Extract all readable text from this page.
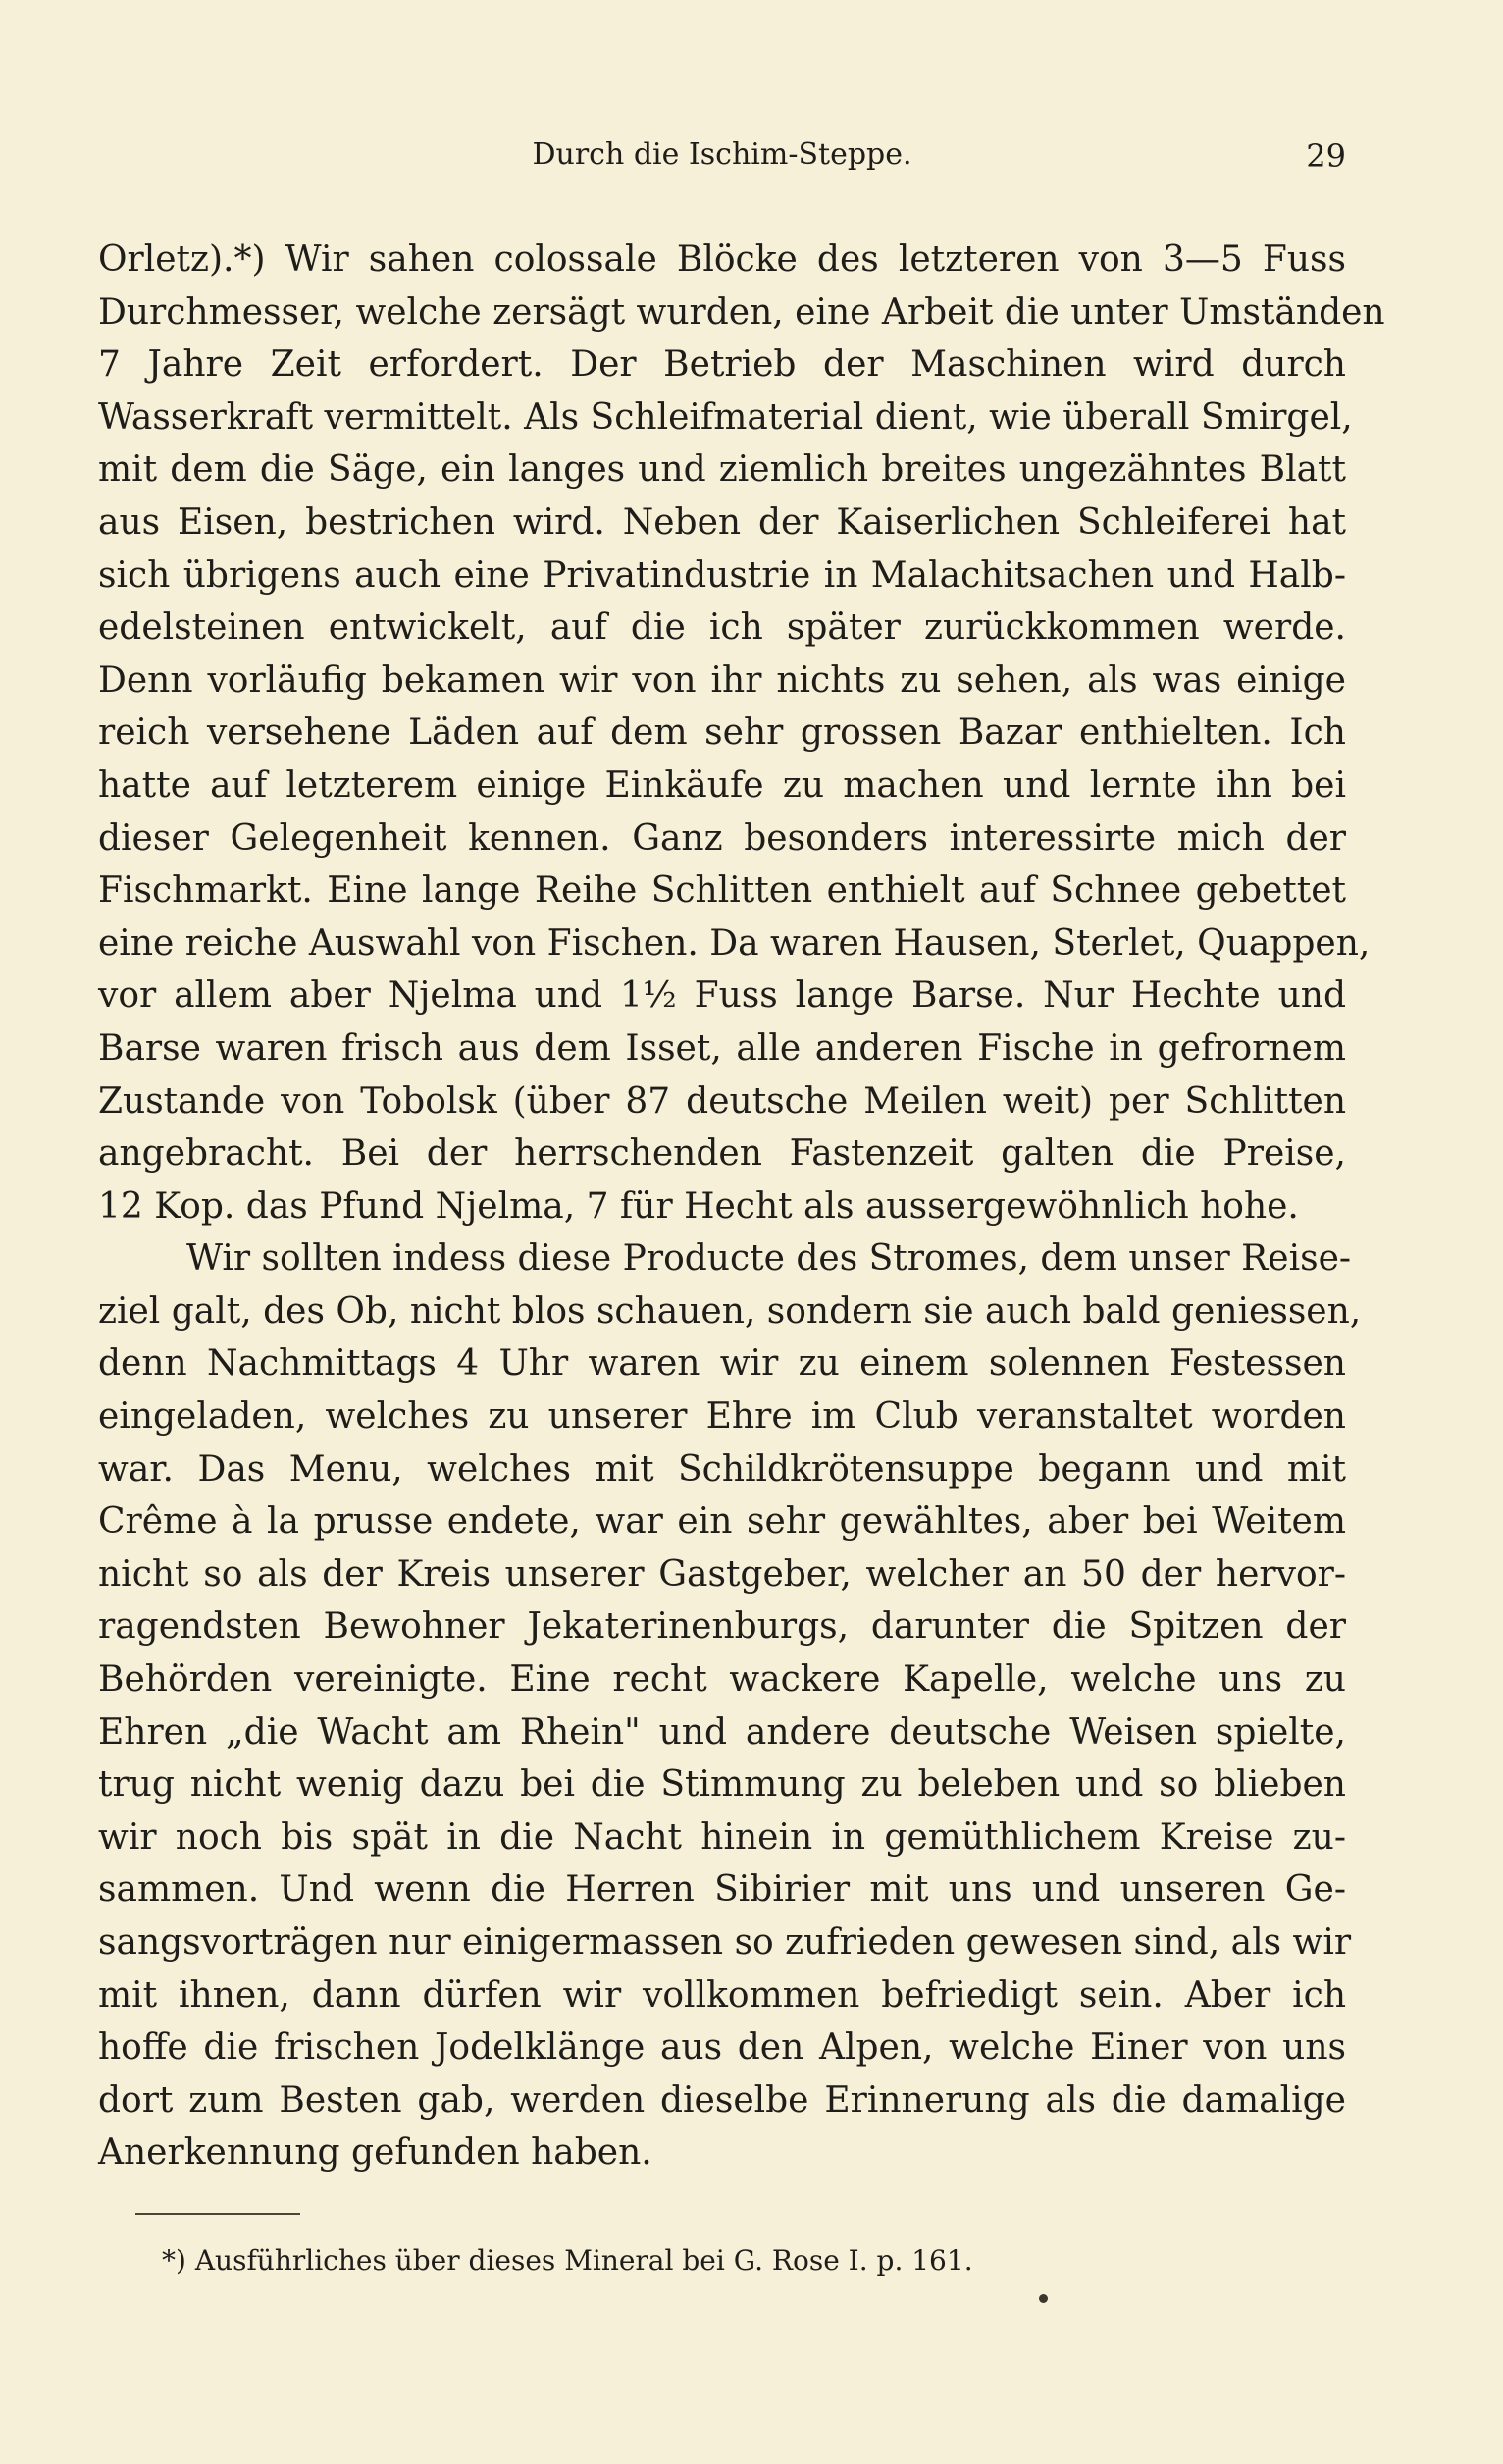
Durch die Ischim-Steppe.	29
Orletz).*) Wir sahen colossale Blöcke des letzteren von 3—5 Fuss
Durchmesser, welche zersägt wurden, eine Arbeit die unter Umständen
7 Jahre Zeit erfordert. Der Betrieb der Maschinen wird durch
Wasserkraft vermittelt. Als Schleifmaterial dient, wie überall Smirgel,
mit dem die Säge, ein langes und ziemlich breites ungezähntes Blatt
aus Eisen, bestrichen wird. Neben der Kaiserlichen Schleiferei hat
sich übrigens auch eine Privatindustrie in Malachitsachen und Halb-
edelsteinen entwickelt, auf die ich später zurückkommen werde.
Denn vorläufig bekamen wir von ihr nichts zu sehen, als was einige
reich versehene Läden auf dem sehr grossen Bazar enthielten. Ich
hatte auf letzterem einige Einkäufe zu machen und lernte ihn bei
dieser Gelegenheit kennen. Ganz besonders interessirte mich der
Fischmarkt. Eine lange Reihe Schlitten enthielt auf Schnee gebettet
eine reiche Auswahl von Fischen. Da waren Hausen, Sterlet, Quappen,
vor allem aber Njelma und 1½ Fuss lange Barse. Nur Hechte und
Barse waren frisch aus dem Isset, alle anderen Fische in gefrornem
Zustande von Tobolsk (über 87 deutsche Meilen weit) per Schlitten
angebracht. Bei der herrschenden Fastenzeit galten die Preise,
12 Kop. das Pfund Njelma, 7 für Hecht als aussergewöhnlich hohe.
Wir sollten indess diese Producte des Stromes, dem unser Reise-
ziel galt, des Ob, nicht blos schauen, sondern sie auch bald geniessen,
denn Nachmittags 4 Uhr waren wir zu einem solennen Festessen
eingeladen, welches zu unserer Ehre im Club veranstaltet worden
war. Das Menu, welches mit Schildkrötensuppe begann und mit
Crême à la prusse endete, war ein sehr gewähltes, aber bei Weitem
nicht so als der Kreis unserer Gastgeber, welcher an 50 der hervor-
ragendsten Bewohner Jekaterinenburgs, darunter die Spitzen der
Behörden vereinigte. Eine recht wackere Kapelle, welche uns zu
Ehren „die Wacht am Rhein" und andere deutsche Weisen spielte,
trug nicht wenig dazu bei die Stimmung zu beleben und so blieben
wir noch bis spät in die Nacht hinein in gemüthlichem Kreise zu-
sammen. Und wenn die Herren Sibirier mit uns und unseren Ge-
sangsvorträgen nur einigermassen so zufrieden gewesen sind, als wir
mit ihnen, dann dürfen wir vollkommen befriedigt sein. Aber ich
hoffe die frischen Jodelklänge aus den Alpen, welche Einer von uns
dort zum Besten gab, werden dieselbe Erinnerung als die damalige
Anerkennung gefunden haben.
*) Ausführliches über dieses Mineral bei G. Rose I. p. 161.
